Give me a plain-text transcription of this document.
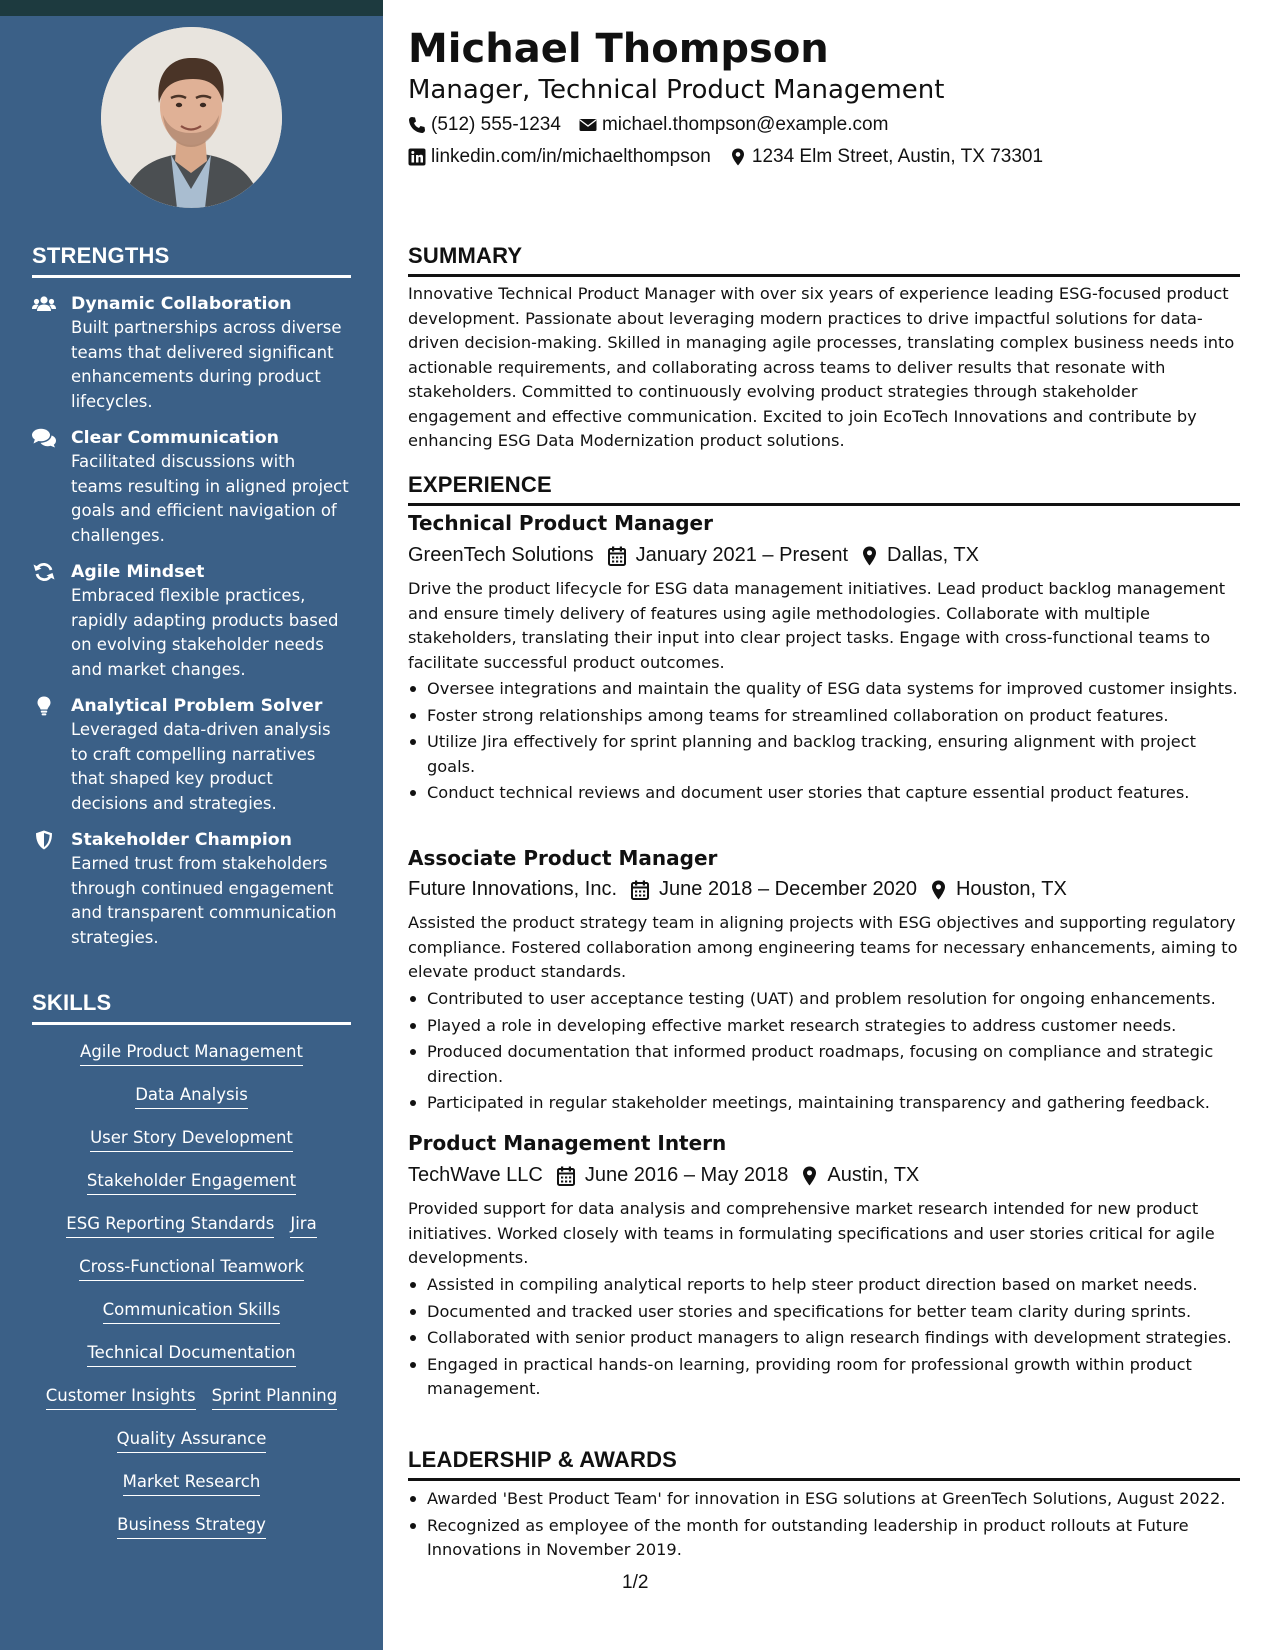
STRENGTHS
Dynamic Collaboration
Built partnerships across diverse teams that delivered significant enhancements during product lifecycles.
Clear Communication
Facilitated discussions with teams resulting in aligned project goals and efficient navigation of challenges.
Agile Mindset
Embraced flexible practices, rapidly adapting products based on evolving stakeholder needs and market changes.
Analytical Problem Solver
Leveraged data-driven analysis to craft compelling narratives that shaped key product decisions and strategies.
Stakeholder Champion
Earned trust from stakeholders through continued engagement and transparent communication strategies.
SKILLS
Agile Product Management
Data Analysis
User Story Development
Stakeholder Engagement
ESG Reporting Standards Jira
Cross-Functional Teamwork
Communication Skills
Technical Documentation
Customer Insights Sprint Planning
Quality Assurance
Market Research
Business Strategy
Michael Thompson
Manager, Technical Product Management
(512) 555-1234 michael.thompson@example.com
linkedin.com/in/michaelthompson 1234 Elm Street, Austin, TX 73301
SUMMARY

Innovative Technical Product Manager with over six years of experience leading ESG-focused product development. Passionate about leveraging modern practices to drive impactful solutions for data-driven decision-making. Skilled in managing agile processes, translating complex business needs into actionable requirements, and collaborating across teams to deliver results that resonate with stakeholders. Committed to continuously evolving product strategies through stakeholder engagement and effective communication. Excited to join EcoTech Innovations and contribute by enhancing ESG Data Modernization product solutions.

EXPERIENCE
Technical Product Manager
GreenTech Solutions January 2021 – Present Dallas, TX

Drive the product lifecycle for ESG data management initiatives. Lead product backlog management and ensure timely delivery of features using agile methodologies. Collaborate with multiple stakeholders, translating their input into clear project tasks. Engage with cross-functional teams to facilitate successful product outcomes.

Oversee integrations and maintain the quality of ESG data systems for improved customer insights.
Foster strong relationships among teams for streamlined collaboration on product features.
Utilize Jira effectively for sprint planning and backlog tracking, ensuring alignment with project goals.
Conduct technical reviews and document user stories that capture essential product features.
Associate Product Manager
Future Innovations, Inc. June 2018 – December 2020 Houston, TX

Assisted the product strategy team in aligning projects with ESG objectives and supporting regulatory compliance. Fostered collaboration among engineering teams for necessary enhancements, aiming to elevate product standards.

Contributed to user acceptance testing (UAT) and problem resolution for ongoing enhancements.
Played a role in developing effective market research strategies to address customer needs.
Produced documentation that informed product roadmaps, focusing on compliance and strategic direction.
Participated in regular stakeholder meetings, maintaining transparency and gathering feedback.
Product Management Intern
TechWave LLC June 2016 – May 2018 Austin, TX

Provided support for data analysis and comprehensive market research intended for new product initiatives. Worked closely with teams in formulating specifications and user stories critical for agile developments.

Assisted in compiling analytical reports to help steer product direction based on market needs.
Documented and tracked user stories and specifications for better team clarity during sprints.
Collaborated with senior product managers to align research findings with development strategies.
Engaged in practical hands-on learning, providing room for professional growth within product management.
LEADERSHIP & AWARDS
Awarded 'Best Product Team' for innovation in ESG solutions at GreenTech Solutions, August 2022.
Recognized as employee of the month for outstanding leadership in product rollouts at Future Innovations in November 2019.
1/2
